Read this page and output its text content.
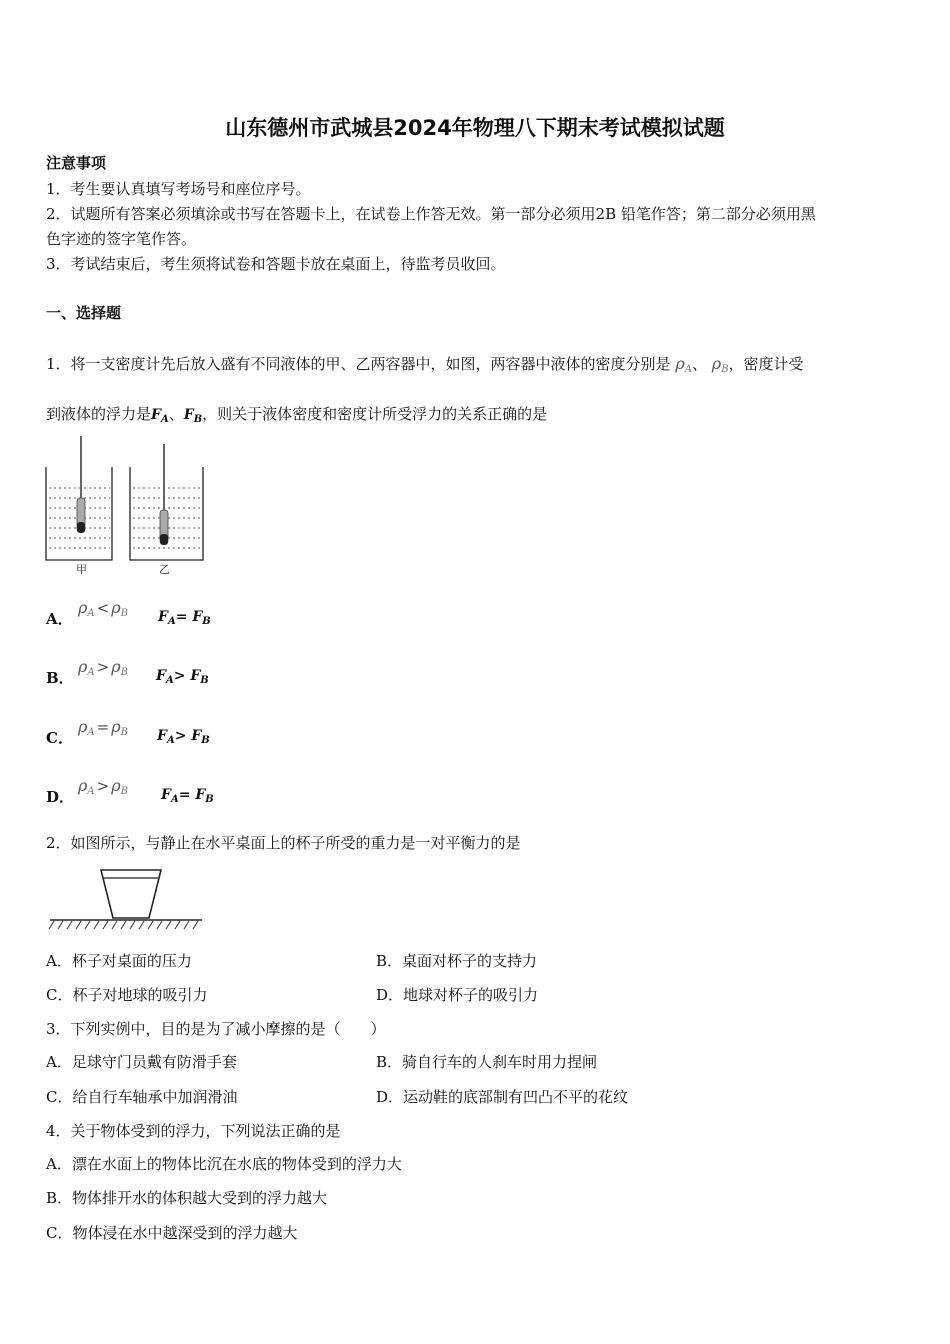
山东德州市武城县2024年物理八下期末考试模拟试题
注意事项
1．考生要认真填写考场号和座位序号。
2．试题所有答案必须填涂或书写在答题卡上，在试卷上作答无效。第一部分必须用2B 铅笔作答；第二部分必须用黑
色字迹的签字笔作答。
3．考试结束后，考生须将试卷和答题卡放在桌面上，待监考员收回。
一、选择题
1．将一支密度计先后放入盛有不同液体的甲、乙两容器中，如图，两容器中液体的密度分别是 ρA、 ρB，密度计受
到液体的浮力是$F_A$、$F_B$，则关于液体密度和密度计所受浮力的关系正确的是
甲	乙
A．
ρA < ρB $F_A= F_B$
B．
ρA > ρB $F_A> F_B$
C．
ρA = ρB $F_A> F_B$
D．
ρA > ρB $F_A= F_B$
2．如图所示，与静止在水平桌面上的杯子所受的重力是一对平衡力的是
A．杯子对桌面的压力	B．桌面对杯子的支持力
C．杯子对地球的吸引力	D．地球对杯子的吸引力
3．下列实例中，目的是为了减小摩擦的是（　　）
A．足球守门员戴有防滑手套	B．骑自行车的人刹车时用力捏闸
C．给自行车轴承中加润滑油	D．运动鞋的底部制有凹凸不平的花纹
4．关于物体受到的浮力，下列说法正确的是
A．漂在水面上的物体比沉在水底的物体受到的浮力大
B．物体排开水的体积越大受到的浮力越大
C．物体浸在水中越深受到的浮力越大
